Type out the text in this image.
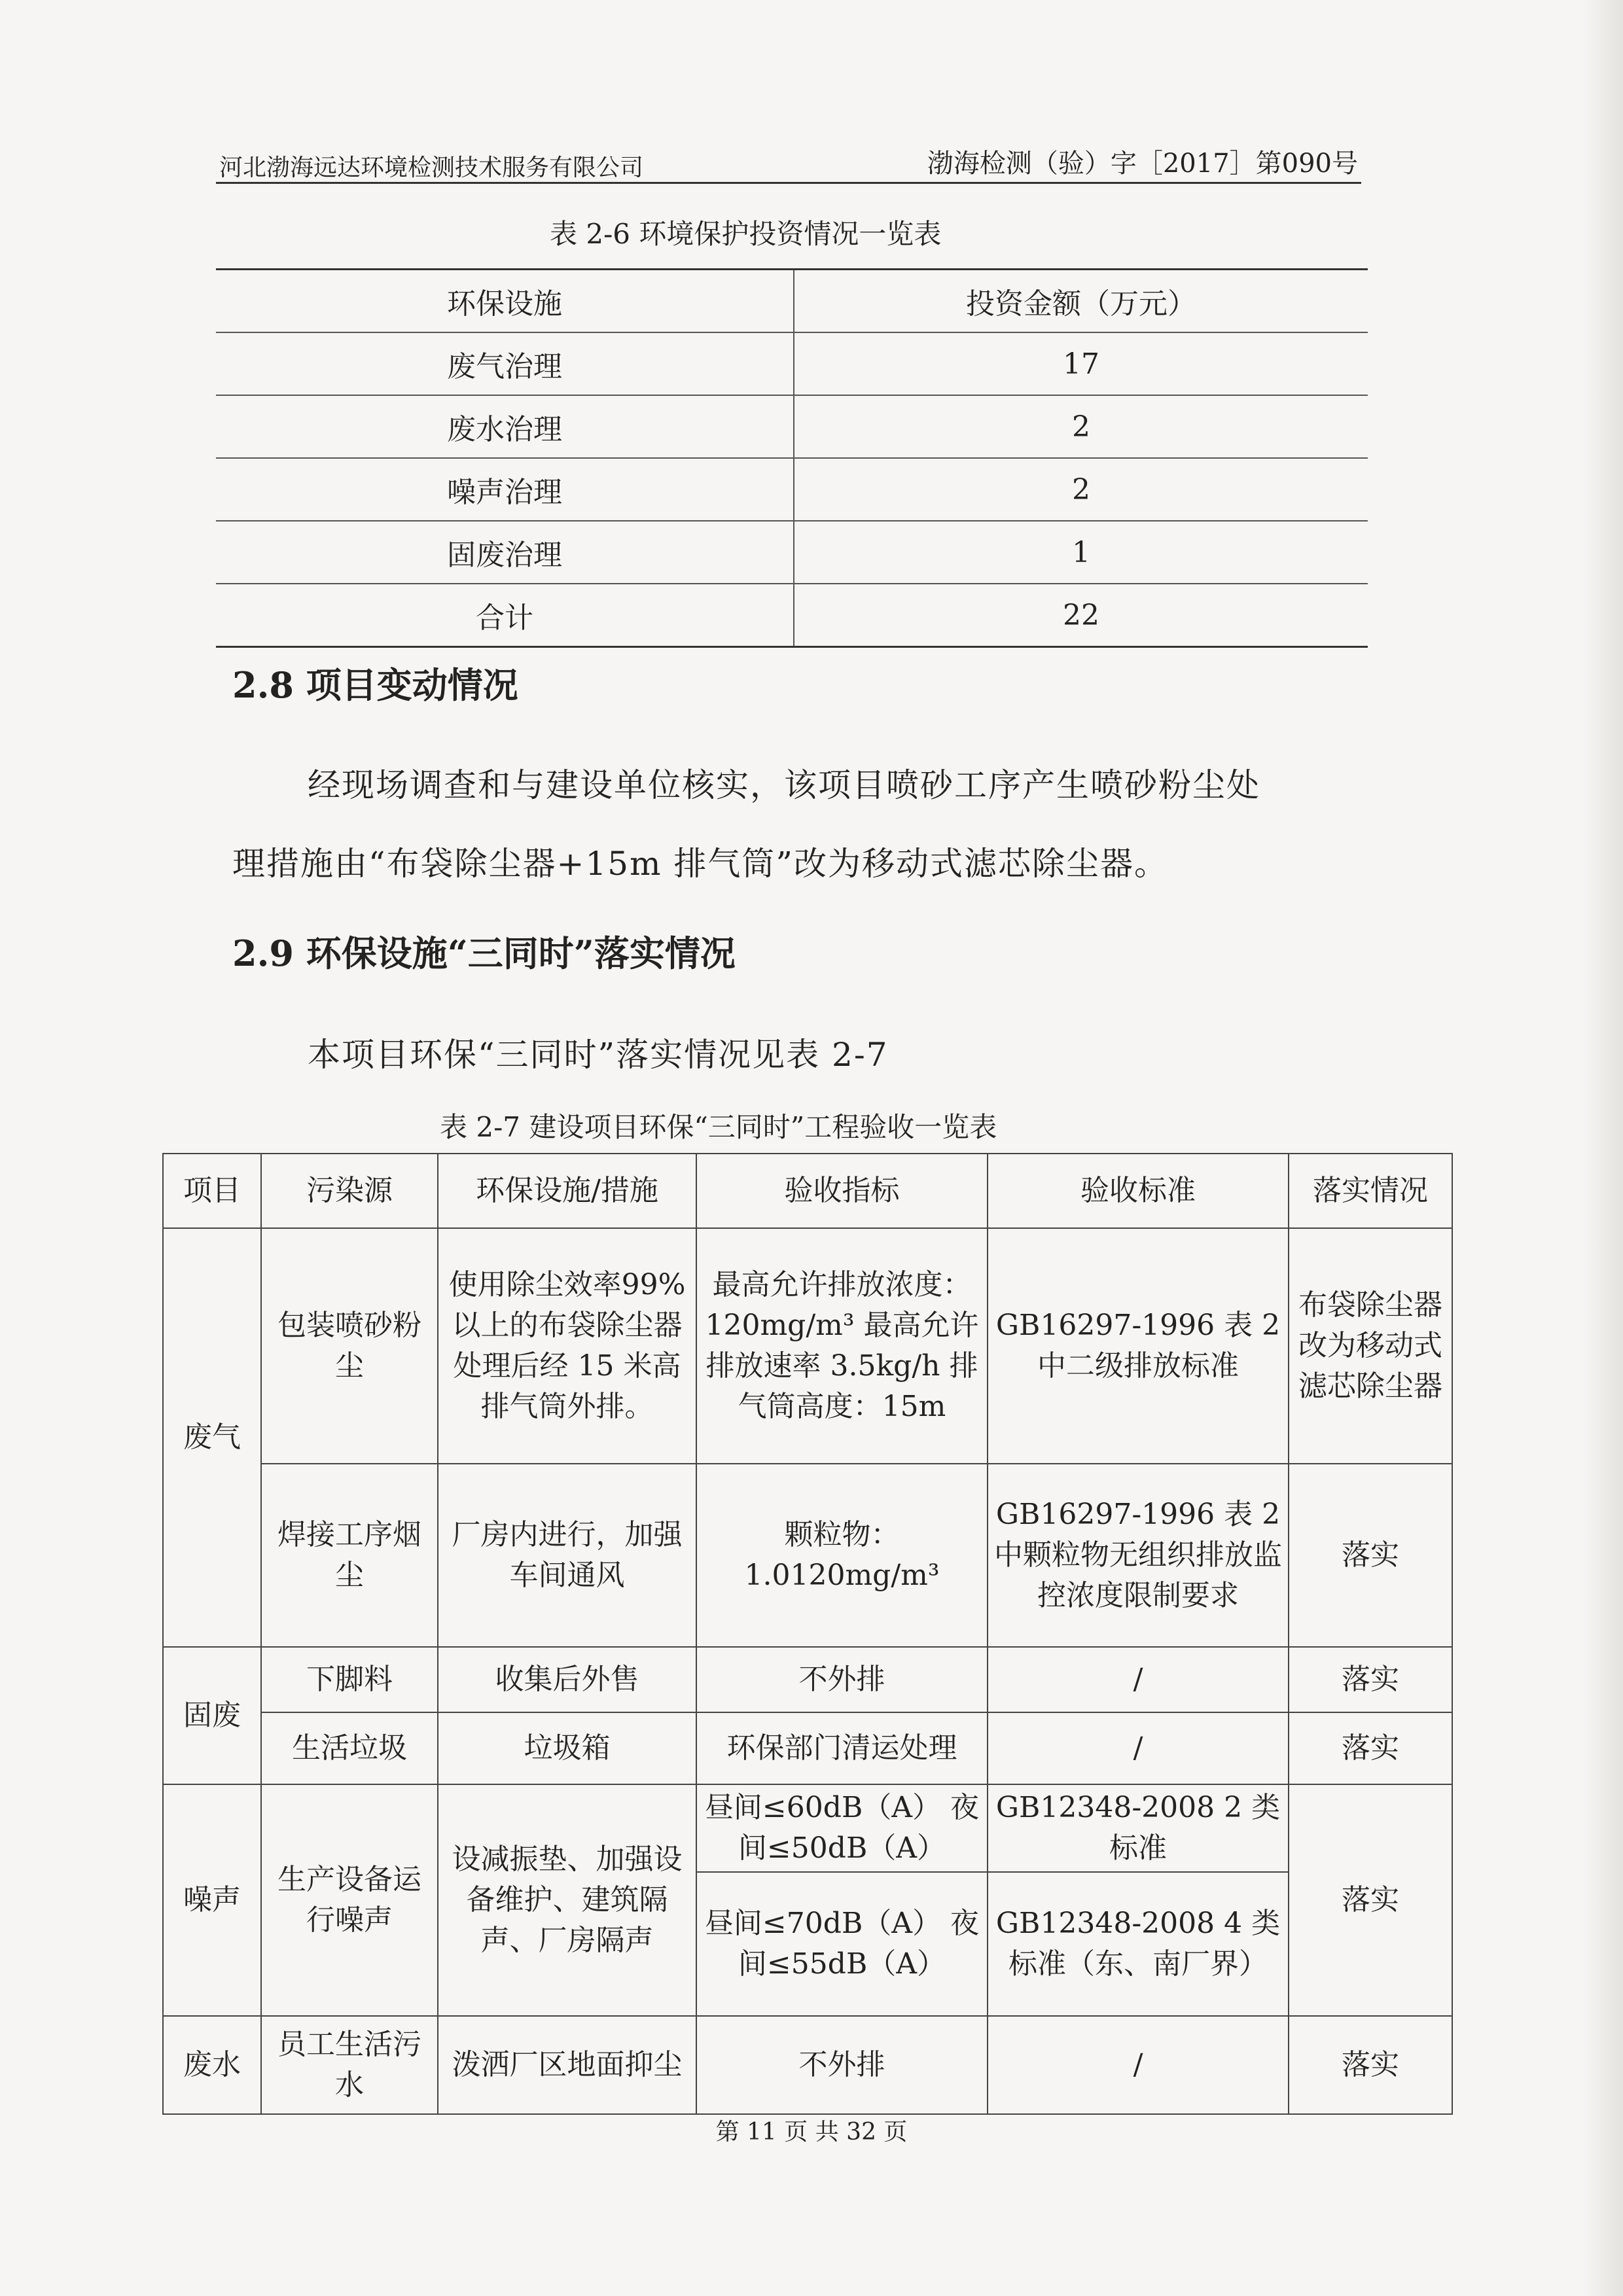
河北渤海远达环境检测技术服务有限公司	渤海检测（验）字［2017］第090号
表 2-6 环境保护投资情况一览表
环保设施	投资金额（万元）
废气治理	17
废水治理	2
噪声治理	2
固废治理	1
合计	22
2.8 项目变动情况
经现场调查和与建设单位核实，该项目喷砂工序产生喷砂粉尘处
理措施由“布袋除尘器+15m 排气筒”改为移动式滤芯除尘器。
2.9 环保设施“三同时”落实情况
本项目环保“三同时”落实情况见表 2-7
表 2-7 建设项目环保“三同时”工程验收一览表
项目	污染源	环保设施/措施	验收指标	验收标准	落实情况
废气	包装喷砂粉尘	使用除尘效率99%以上的布袋除尘器处理后经 15 米高排气筒外排。	最高允许排放浓度：120mg/m³ 最高允许排放速率 3.5kg/h 排气筒高度：15m	GB16297-1996 表 2 中二级排放标准	布袋除尘器改为移动式滤芯除尘器
	焊接工序烟尘	厂房内进行，加强车间通风	颗粒物：1.0120mg/m³	GB16297-1996 表 2 中颗粒物无组织排放监控浓度限制要求	落实
固废	下脚料	收集后外售	不外排	/	落实
	生活垃圾	垃圾箱	环保部门清运处理	/	落实
噪声	生产设备运行噪声	设减振垫、加强设备维护、建筑隔声、厂房隔声	昼间≤60dB（A） 夜间≤50dB（A）	GB12348-2008 2 类标准	落实
			昼间≤70dB（A） 夜间≤55dB（A）	GB12348-2008 4 类标准（东、南厂界）	
废水	员工生活污水	泼洒厂区地面抑尘	不外排	/	落实
第 11 页 共 32 页
